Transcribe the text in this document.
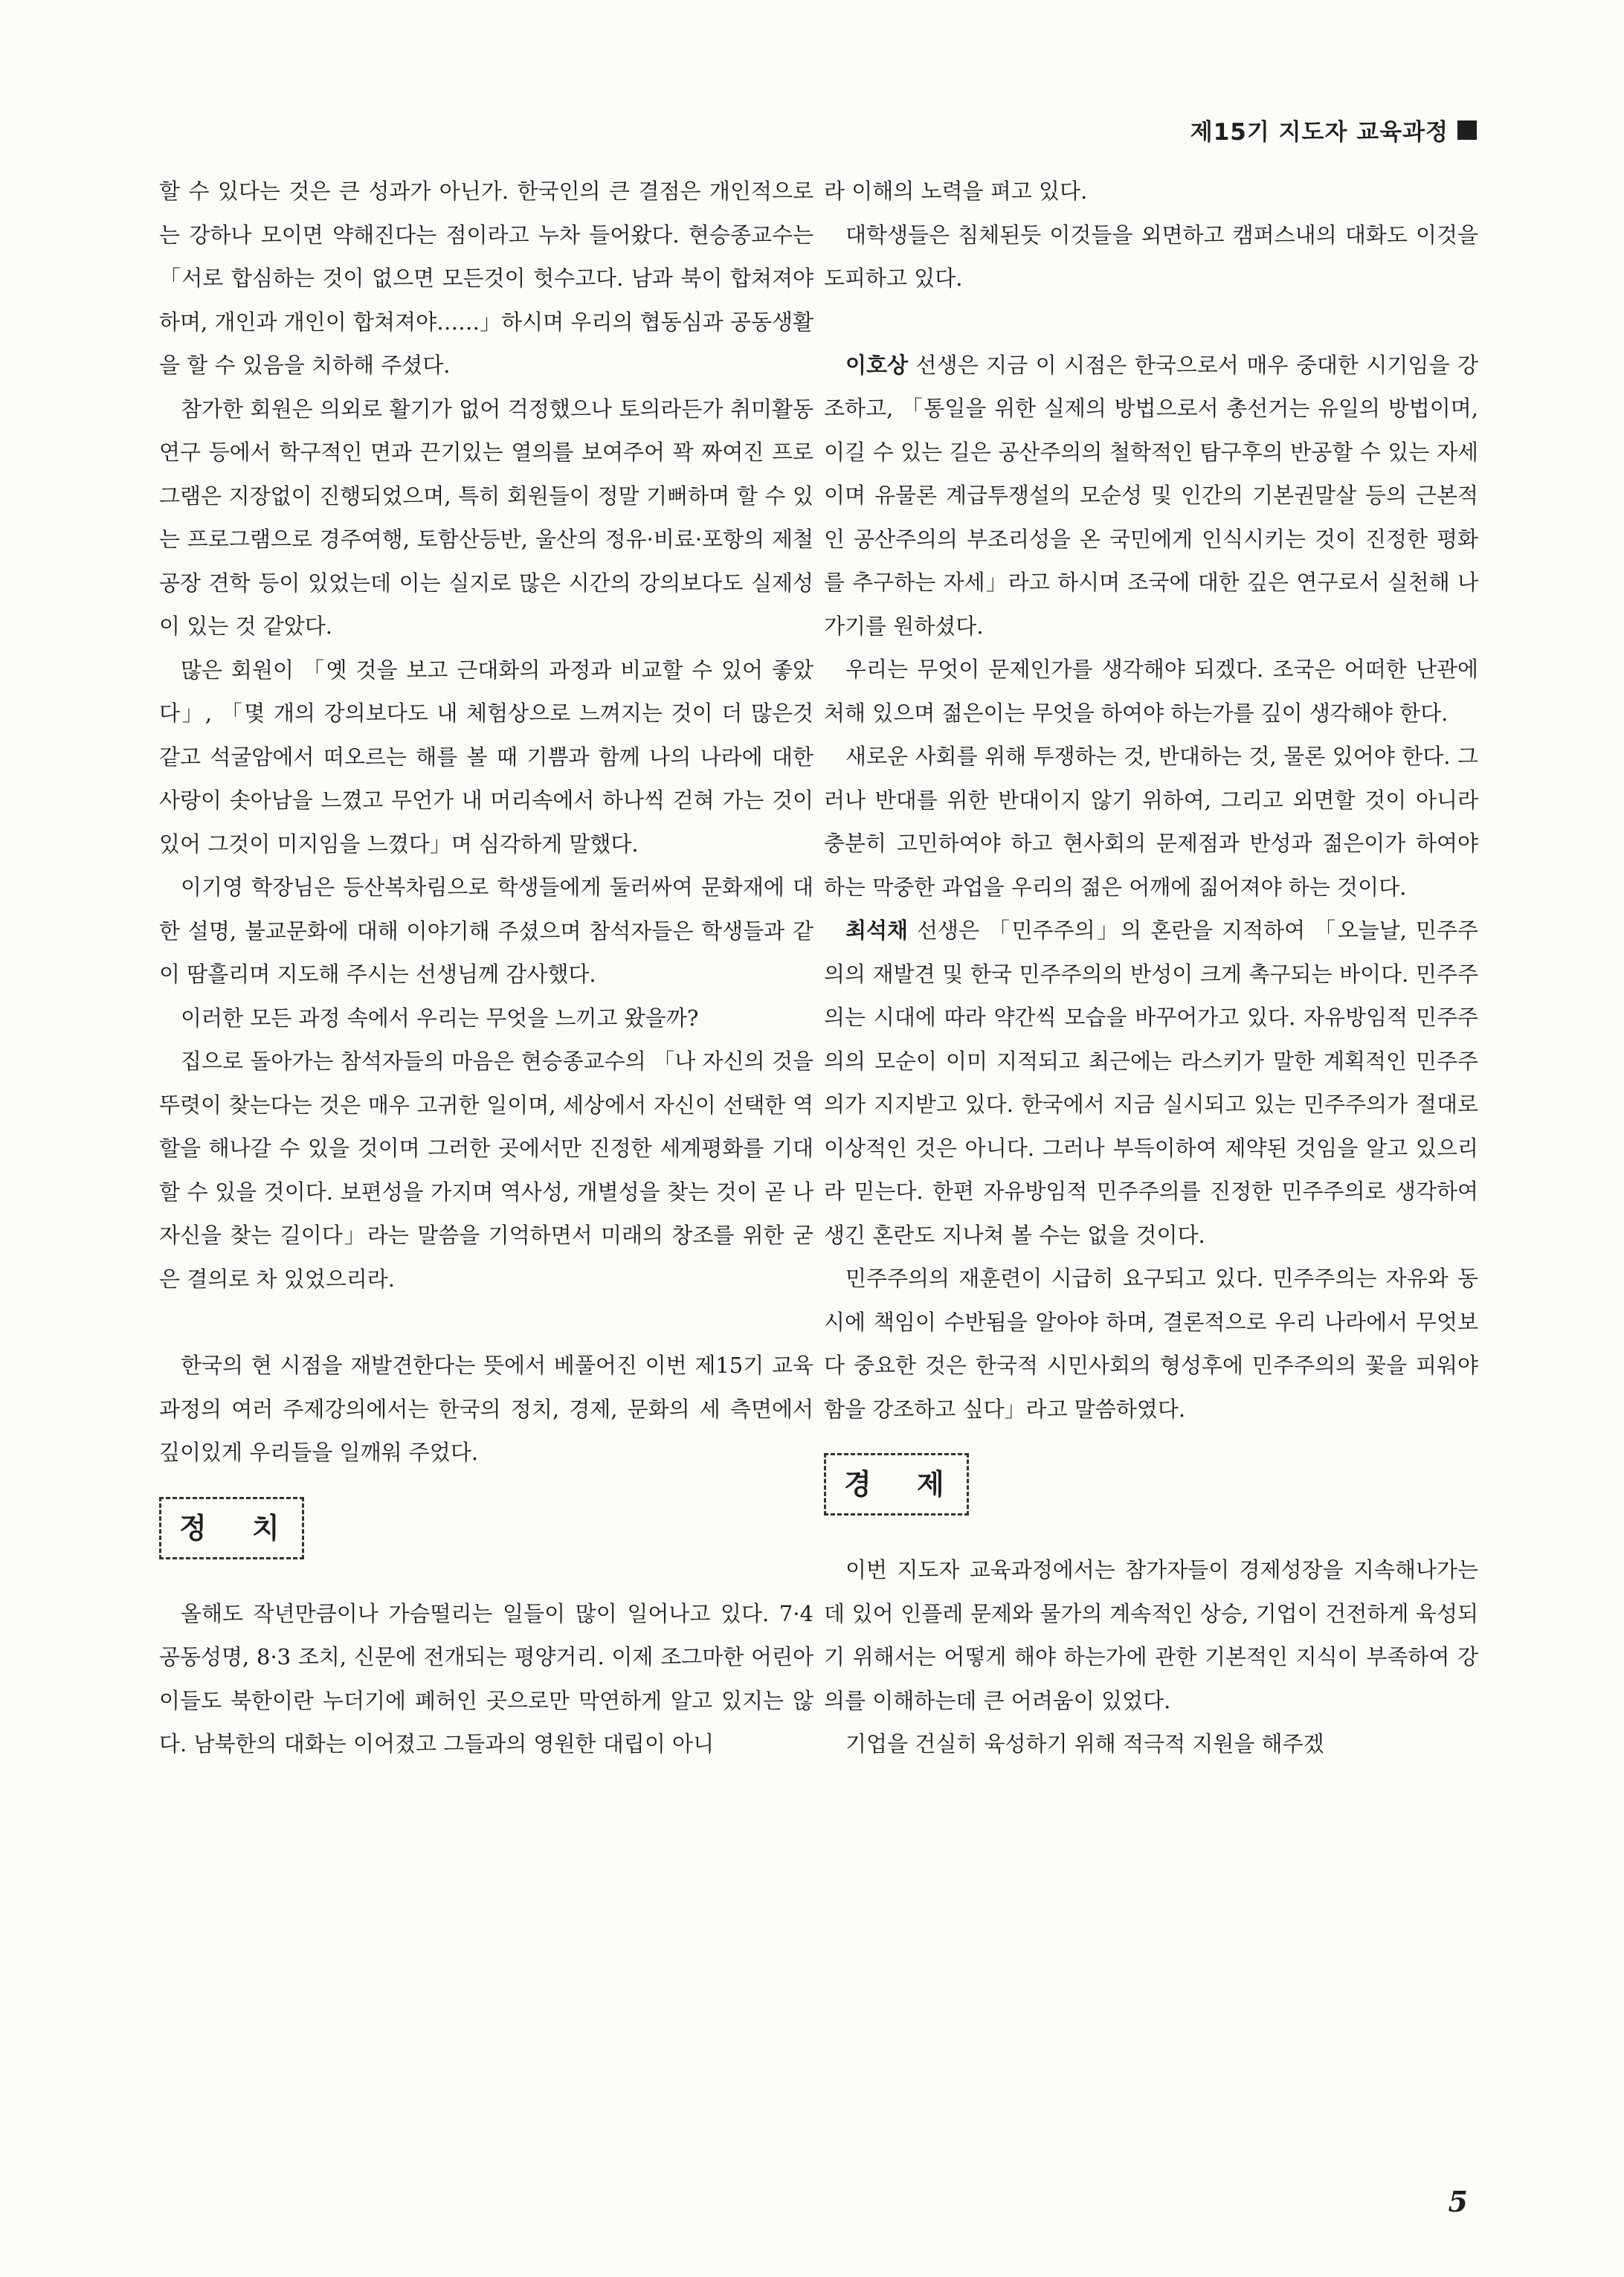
제15기 지도자 교육과정

할 수 있다는 것은 큰 성과가 아닌가. 한국인의 큰 결점은 개인적으로는 강하나 모이면 약해진다는 점이라고 누차 들어왔다. 현승종교수는 「서로 합심하는 것이 없으면 모든것이 헛수고다. 남과 북이 합쳐져야 하며, 개인과 개인이 합쳐져야……」하시며 우리의 협동심과 공동생활을 할 수 있음을 치하해 주셨다.

참가한 회원은 의외로 활기가 없어 걱정했으나 토의라든가 취미활동연구 등에서 학구적인 면과 끈기있는 열의를 보여주어 꽉 짜여진 프로그램은 지장없이 진행되었으며, 특히 회원들이 정말 기뻐하며 할 수 있는 프로그램으로 경주여행, 토함산등반, 울산의 정유·비료·포항의 제철공장 견학 등이 있었는데 이는 실지로 많은 시간의 강의보다도 실제성이 있는 것 같았다.

많은 회원이 「옛 것을 보고 근대화의 과정과 비교할 수 있어 좋았다」, 「몇 개의 강의보다도 내 체험상으로 느껴지는 것이 더 많은것 같고 석굴암에서 떠오르는 해를 볼 때 기쁨과 함께 나의 나라에 대한 사랑이 솟아남을 느꼈고 무언가 내 머리속에서 하나씩 걷혀 가는 것이 있어 그것이 미지임을 느꼈다」며 심각하게 말했다.

이기영 학장님은 등산복차림으로 학생들에게 둘러싸여 문화재에 대한 설명, 불교문화에 대해 이야기해 주셨으며 참석자들은 학생들과 같이 땀흘리며 지도해 주시는 선생님께 감사했다.

이러한 모든 과정 속에서 우리는 무엇을 느끼고 왔을까?

집으로 돌아가는 참석자들의 마음은 현승종교수의 「나 자신의 것을 뚜렷이 찾는다는 것은 매우 고귀한 일이며, 세상에서 자신이 선택한 역할을 해나갈 수 있을 것이며 그러한 곳에서만 진정한 세계평화를 기대할 수 있을 것이다. 보편성을 가지며 역사성, 개별성을 찾는 것이 곧 나 자신을 찾는 길이다」라는 말씀을 기억하면서 미래의 창조를 위한 굳은 결의로 차 있었으리라.

한국의 현 시점을 재발견한다는 뜻에서 베풀어진 이번 제15기 교육과정의 여러 주제강의에서는 한국의 정치, 경제, 문화의 세 측면에서 깊이있게 우리들을 일깨워 주었다.

정 치

올해도 작년만큼이나 가슴떨리는 일들이 많이 일어나고 있다. 7·4 공동성명, 8·3 조치, 신문에 전개되는 평양거리. 이제 조그마한 어린아이들도 북한이란 누더기에 폐허인 곳으로만 막연하게 알고 있지는 않다. 남북한의 대화는 이어졌고 그들과의 영원한 대립이 아니

라 이해의 노력을 펴고 있다.

대학생들은 침체된듯 이것들을 외면하고 캠퍼스내의 대화도 이것을 도피하고 있다.

이호상 선생은 지금 이 시점은 한국으로서 매우 중대한 시기임을 강조하고, 「통일을 위한 실제의 방법으로서 총선거는 유일의 방법이며, 이길 수 있는 길은 공산주의의 철학적인 탐구후의 반공할 수 있는 자세이며 유물론 계급투쟁설의 모순성 및 인간의 기본권말살 등의 근본적인 공산주의의 부조리성을 온 국민에게 인식시키는 것이 진정한 평화를 추구하는 자세」라고 하시며 조국에 대한 깊은 연구로서 실천해 나가기를 원하셨다.

우리는 무엇이 문제인가를 생각해야 되겠다. 조국은 어떠한 난관에 처해 있으며 젊은이는 무엇을 하여야 하는가를 깊이 생각해야 한다.

새로운 사회를 위해 투쟁하는 것, 반대하는 것, 물론 있어야 한다. 그러나 반대를 위한 반대이지 않기 위하여, 그리고 외면할 것이 아니라 충분히 고민하여야 하고 현사회의 문제점과 반성과 젊은이가 하여야 하는 막중한 과업을 우리의 젊은 어깨에 짊어져야 하는 것이다.

최석채 선생은 「민주주의」의 혼란을 지적하여 「오늘날, 민주주의의 재발견 및 한국 민주주의의 반성이 크게 촉구되는 바이다. 민주주의는 시대에 따라 약간씩 모습을 바꾸어가고 있다. 자유방임적 민주주의의 모순이 이미 지적되고 최근에는 라스키가 말한 계획적인 민주주의가 지지받고 있다. 한국에서 지금 실시되고 있는 민주주의가 절대로 이상적인 것은 아니다. 그러나 부득이하여 제약된 것임을 알고 있으리라 믿는다. 한편 자유방임적 민주주의를 진정한 민주주의로 생각하여 생긴 혼란도 지나쳐 볼 수는 없을 것이다.

민주주의의 재훈련이 시급히 요구되고 있다. 민주주의는 자유와 동시에 책임이 수반됨을 알아야 하며, 결론적으로 우리 나라에서 무엇보다 중요한 것은 한국적 시민사회의 형성후에 민주주의의 꽃을 피워야 함을 강조하고 싶다」라고 말씀하였다.

경 제

이번 지도자 교육과정에서는 참가자들이 경제성장을 지속해나가는데 있어 인플레 문제와 물가의 계속적인 상승, 기업이 건전하게 육성되기 위해서는 어떻게 해야 하는가에 관한 기본적인 지식이 부족하여 강의를 이해하는데 큰 어려움이 있었다.

기업을 건실히 육성하기 위해 적극적 지원을 해주겠

5
